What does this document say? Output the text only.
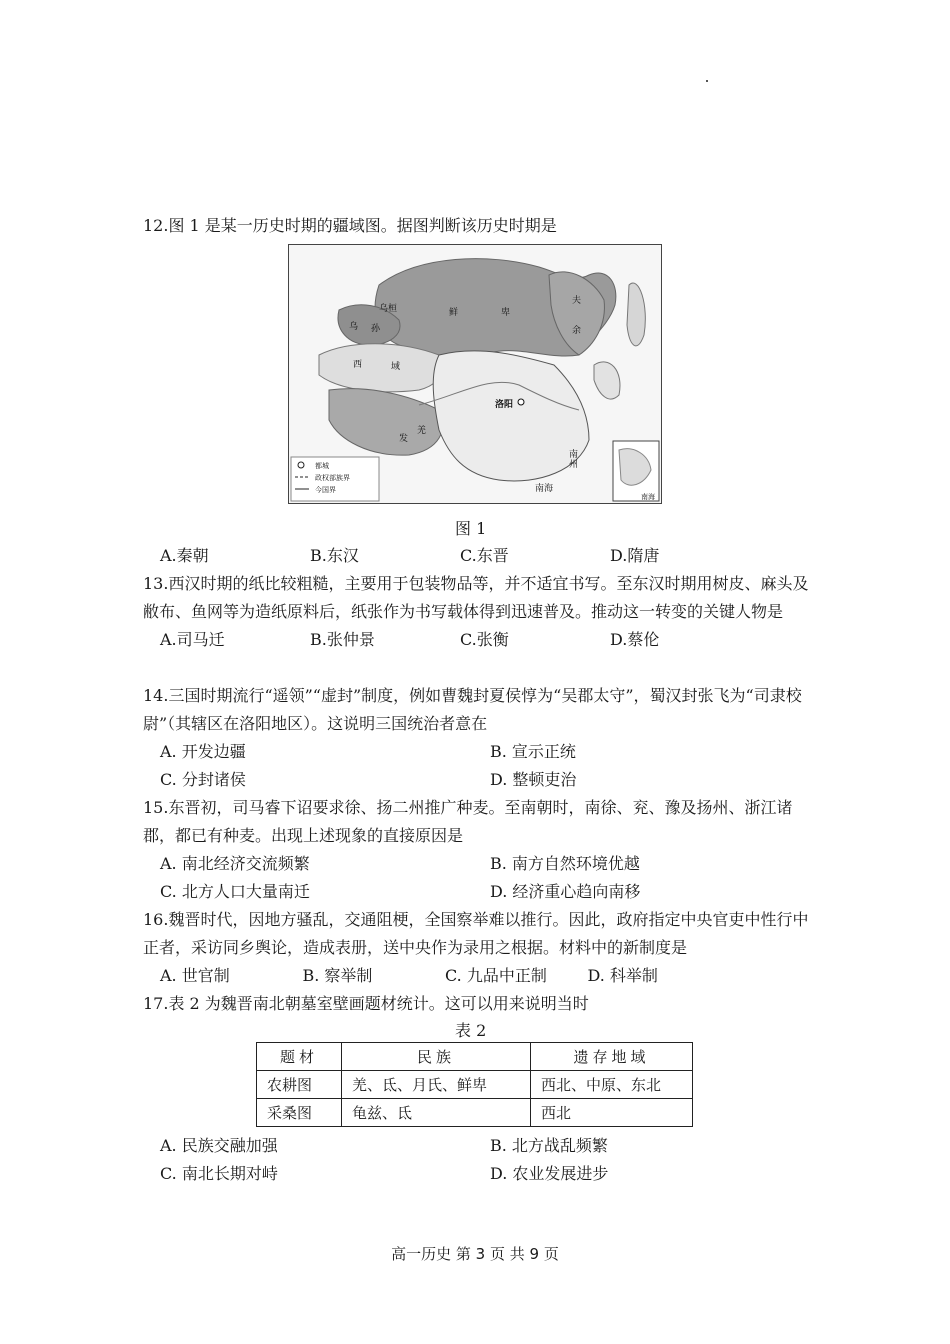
12.图 1 是某一历史时期的疆域图。据图判断该历史时期是

乌桓
乌 孙
鲜	卑
夫
余
西	域
洛阳
发
羌
南海
南
州
南海
都城
政权部族界
今国界
图 1
A.秦朝	B.东汉	C.东晋	D.隋唐

13.西汉时期的纸比较粗糙，主要用于包装物品等，并不适宜书写。至东汉时期用树皮、麻头及敝布、鱼网等为造纸原料后，纸张作为书写载体得到迅速普及。推动这一转变的关键人物是

A.司马迁	B.张仲景	C.张衡	D.蔡伦

14.三国时期流行“遥领”“虚封”制度，例如曹魏封夏侯惇为“吴郡太守”，蜀汉封张飞为“司隶校尉”（其辖区在洛阳地区）。这说明三国统治者意在

A. 开发边疆	B. 宣示正统
C. 分封诸侯	D. 整顿吏治

15.东晋初，司马睿下诏要求徐、扬二州推广种麦。至南朝时，南徐、兖、豫及扬州、浙江诸郡，都已有种麦。出现上述现象的直接原因是

A. 南北经济交流频繁	B. 南方自然环境优越
C. 北方人口大量南迁	D. 经济重心趋向南移

16.魏晋时代，因地方骚乱，交通阻梗，全国察举难以推行。因此，政府指定中央官吏中性行中正者，采访同乡舆论，造成表册，送中央作为录用之根据。材料中的新制度是

A. 世官制	B. 察举制	C. 九品中正制	D. 科举制

17.表 2 为魏晋南北朝墓室壁画题材统计。这可以用来说明当时

表 2
题材	民族	遗存地域
农耕图	羌、氐、月氏、鲜卑	西北、中原、东北
采桑图	龟兹、氐	西北
A. 民族交融加强	B. 北方战乱频繁
C. 南北长期对峙	D. 农业发展进步
高一历史 第 3 页 共 9 页
